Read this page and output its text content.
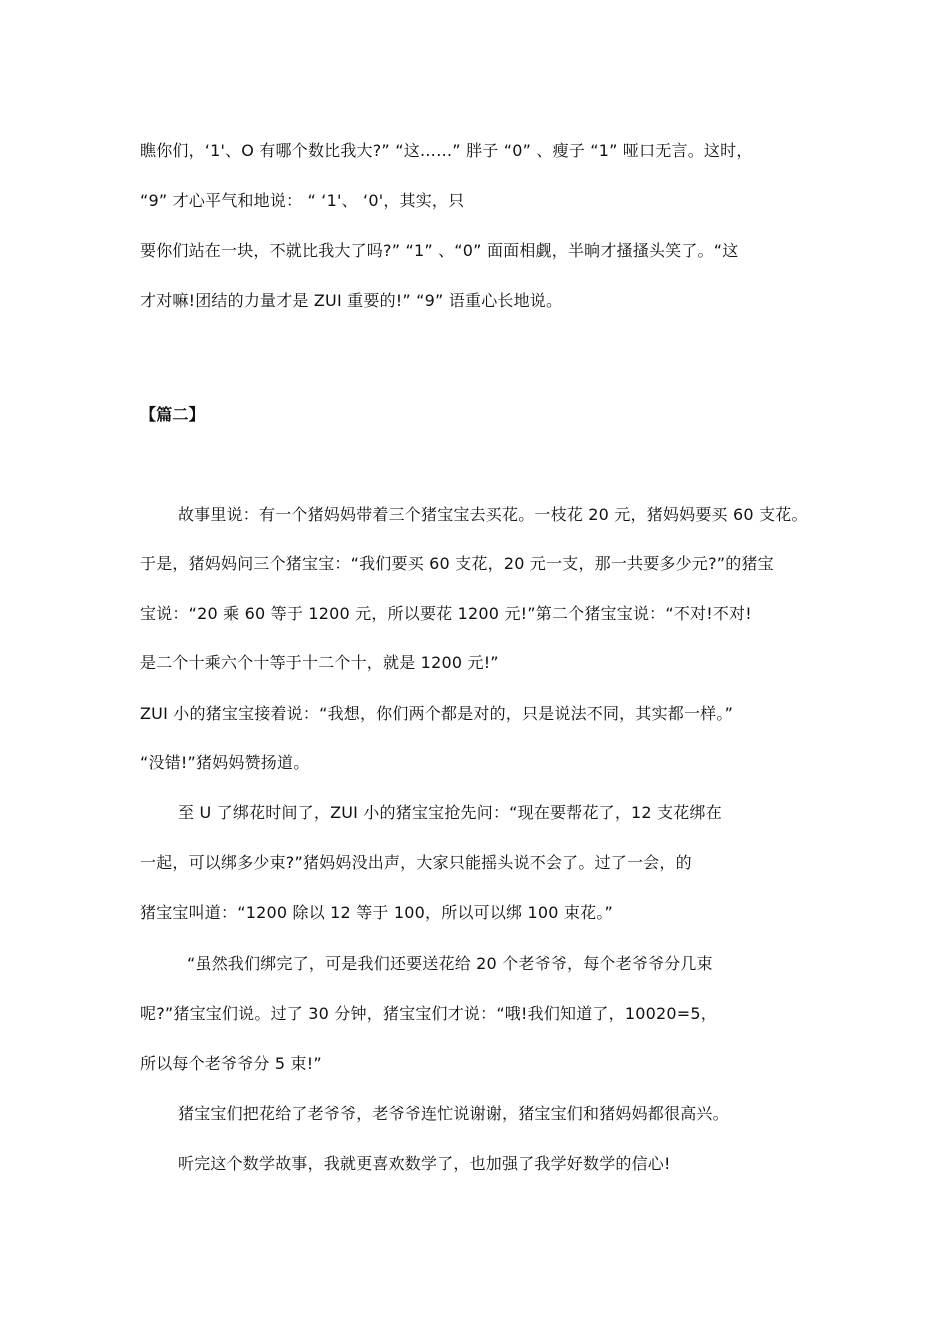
瞧你们，‘1'、O 有哪个数比我大?” “这……” 胖子 “0” 、瘦子 “1” 哑口无言。这时，
“9” 才心平气和地说： “ ‘1'、 ‘0'，其实，只
要你们站在一块，不就比我大了吗?” “1” 、“0” 面面相觑，半晌才搔搔头笑了。“这
才对嘛!团结的力量才是 ZUI 重要的!” “9” 语重心长地说。
【篇二】
故事里说：有一个猪妈妈带着三个猪宝宝去买花。一枝花 20 元，猪妈妈要买 60 支花。
于是，猪妈妈问三个猪宝宝：“我们要买 60 支花，20 元一支，那一共要多少元?”的猪宝
宝说：“20 乘 60 等于 1200 元，所以要花 1200 元!”第二个猪宝宝说：“不对!不对!
是二个十乘六个十等于十二个十，就是 1200 元!”
ZUI 小的猪宝宝接着说：“我想，你们两个都是对的，只是说法不同，其实都一样。”
“没错!”猪妈妈赞扬道。
至 U 了绑花时间了，ZUI 小的猪宝宝抢先问：“现在要帮花了，12 支花绑在
一起，可以绑多少束?”猪妈妈没出声，大家只能摇头说不会了。过了一会，的
猪宝宝叫道：“1200 除以 12 等于 100，所以可以绑 100 束花。”
“虽然我们绑完了，可是我们还要送花给 20 个老爷爷，每个老爷爷分几束
呢?”猪宝宝们说。过了 30 分钟，猪宝宝们才说：“哦!我们知道了，10020=5，
所以每个老爷爷分 5 束!”
猪宝宝们把花给了老爷爷，老爷爷连忙说谢谢，猪宝宝们和猪妈妈都很高兴。
听完这个数学故事，我就更喜欢数学了，也加强了我学好数学的信心!
